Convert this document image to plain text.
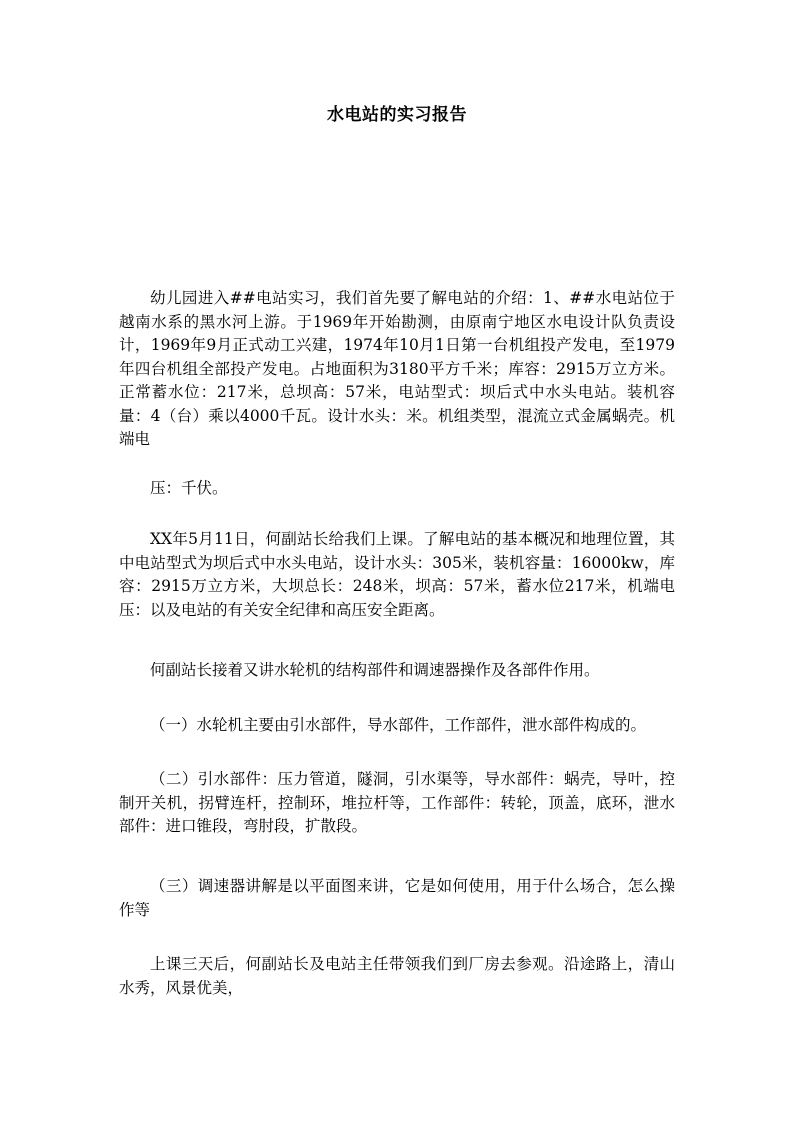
水电站的实习报告

幼儿园进入##电站实习，我们首先要了解电站的介绍：1、##水电站位于越南水系的黑水河上游。于1969年开始勘测，由原南宁地区水电设计队负责设计，1969年9月正式动工兴建，1974年10月1日第一台机组投产发电，至1979年四台机组全部投产发电。占地面积为3180平方千米；库容：2915万立方米。正常蓄水位：217米，总坝高：57米，电站型式：坝后式中水头电站。装机容量：4（台）乘以4000千瓦。设计水头：米。机组类型，混流立式金属蜗壳。机端电

压：千伏。

XX年5月11日，何副站长给我们上课。了解电站的基本概况和地理位置，其中电站型式为坝后式中水头电站，设计水头：305米，装机容量：16000kw，库容：2915万立方米，大坝总长：248米，坝高：57米，蓄水位217米，机端电压：以及电站的有关安全纪律和高压安全距离。

何副站长接着又讲水轮机的结构部件和调速器操作及各部件作用。

（一）水轮机主要由引水部件，导水部件，工作部件，泄水部件构成的。

（二）引水部件：压力管道，隧洞，引水渠等，导水部件：蜗壳，导叶，控制开关机，拐臂连杆，控制环，堆拉杆等，工作部件：转轮，顶盖，底环，泄水部件：进口锥段，弯肘段，扩散段。

（三）调速器讲解是以平面图来讲，它是如何使用，用于什么场合，怎么操作等

上课三天后，何副站长及电站主任带领我们到厂房去参观。沿途路上，清山水秀，风景优美，
